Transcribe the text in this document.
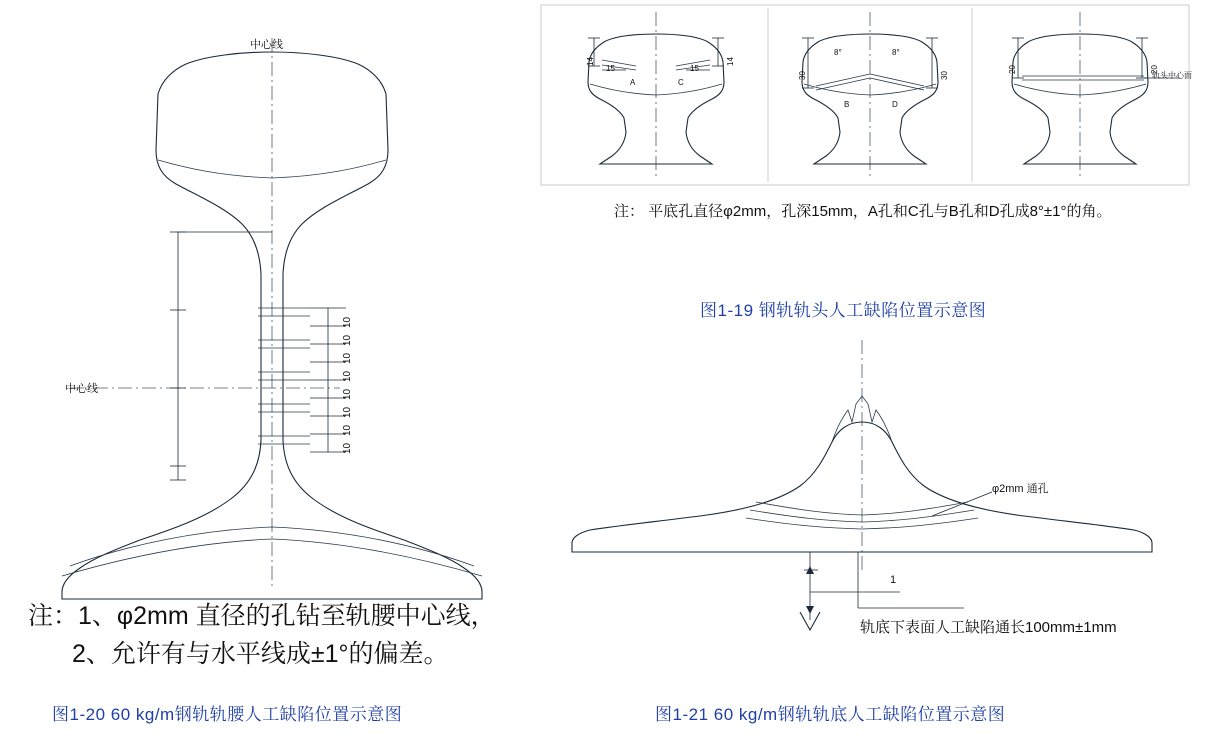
中心线
中心线
10
10
10
10
10
10
10
10
注：1、φ2mm 直径的孔钻至轨腰中心线，
2、允许有与水平线成±1°的偏差。
图1-20 60 kg/m钢轨轨腰人工缺陷位置示意图
A	C
B	D
14	14
15	15
30	30
8°	8°
20	20
轨头中心面
注： 平底孔直径φ2mm，孔深15mm，A孔和C孔与B孔和D孔成8°±1°的角。
图1-19 钢轨轨头人工缺陷位置示意图
φ2mm 通孔
1
轨底下表面人工缺陷通长100mm±1mm
图1-21 60 kg/m钢轨轨底人工缺陷位置示意图
